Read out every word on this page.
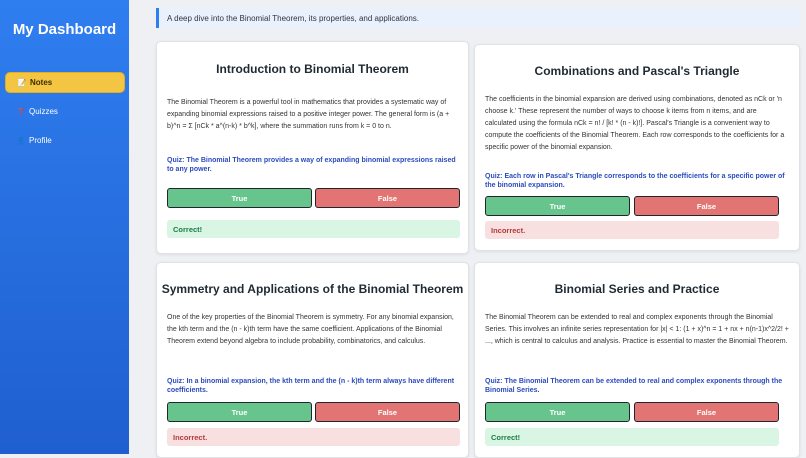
My Dashboard
📝 Notes
❓ Quizzes
👤 Profile
A deep dive into the Binomial Theorem, its properties, and applications.
Introduction to Binomial Theorem
The Binomial Theorem is a powerful tool in mathematics that provides a systematic way of expanding binomial expressions raised to a positive integer power. The general form is (a + b)^n = Σ [nCk * a^(n-k) * b^k], where the summation runs from k = 0 to n.
Quiz: The Binomial Theorem provides a way of expanding binomial expressions raised to any power.
True	False
Correct!
Combinations and Pascal's Triangle
The coefficients in the binomial expansion are derived using combinations, denoted as nCk or 'n choose k.' These represent the number of ways to choose k items from n items, and are calculated using the formula nCk = n! / [k! * (n - k)!]. Pascal's Triangle is a convenient way to compute the coefficients of the Binomial Theorem. Each row corresponds to the coefficients for a specific power of the binomial expansion.
Quiz: Each row in Pascal's Triangle corresponds to the coefficients for a specific power of the binomial expansion.
True	False
Incorrect.
Symmetry and Applications of the Binomial Theorem
One of the key properties of the Binomial Theorem is symmetry. For any binomial expansion, the kth term and the (n - k)th term have the same coefficient. Applications of the Binomial Theorem extend beyond algebra to include probability, combinatorics, and calculus.
Quiz: In a binomial expansion, the kth term and the (n - k)th term always have different coefficients.
True	False
Incorrect.
Binomial Series and Practice
The Binomial Theorem can be extended to real and complex exponents through the Binomial Series. This involves an infinite series representation for |x| < 1: (1 + x)^n = 1 + nx + n(n-1)x^2/2! + ..., which is central to calculus and analysis. Practice is essential to master the Binomial Theorem.
Quiz: The Binomial Theorem can be extended to real and complex exponents through the Binomial Series.
True	False
Correct!
